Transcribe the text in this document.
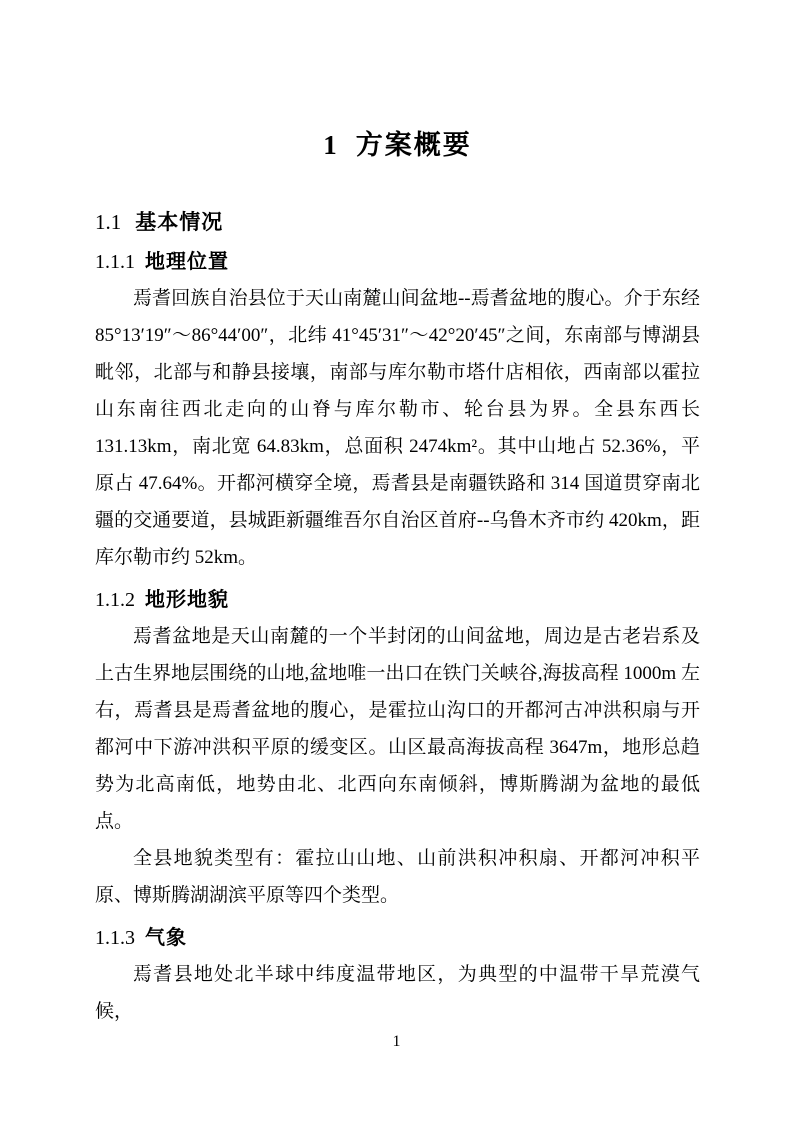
1 方案概要
1.1 基本情况
1.1.1 地理位置

焉耆回族自治县位于天山南麓山间盆地--焉耆盆地的腹心。介于东经 85°13′19″～86°44′00″，北纬 41°45′31″～42°20′45″之间，东南部与博湖县毗邻，北部与和静县接壤，南部与库尔勒市塔什店相依，西南部以霍拉山东南往西北走向的山脊与库尔勒市、轮台县为界。全县东西长 131.13km，南北宽 64.83km，总面积 2474km²。其中山地占 52.36%，平原占 47.64%。开都河横穿全境，焉耆县是南疆铁路和 314 国道贯穿南北疆的交通要道，县城距新疆维吾尔自治区首府--乌鲁木齐市约 420km，距库尔勒市约 52km。

1.1.2 地形地貌

焉耆盆地是天山南麓的一个半封闭的山间盆地，周边是古老岩系及上古生界地层围绕的山地,盆地唯一出口在铁门关峡谷,海拔高程 1000m 左右，焉耆县是焉耆盆地的腹心，是霍拉山沟口的开都河古冲洪积扇与开都河中下游冲洪积平原的缓变区。山区最高海拔高程 3647m，地形总趋势为北高南低，地势由北、北西向东南倾斜，博斯腾湖为盆地的最低点。

全县地貌类型有：霍拉山山地、山前洪积冲积扇、开都河冲积平原、博斯腾湖湖滨平原等四个类型。

1.1.3 气象

焉耆县地处北半球中纬度温带地区，为典型的中温带干旱荒漠气候，

1
